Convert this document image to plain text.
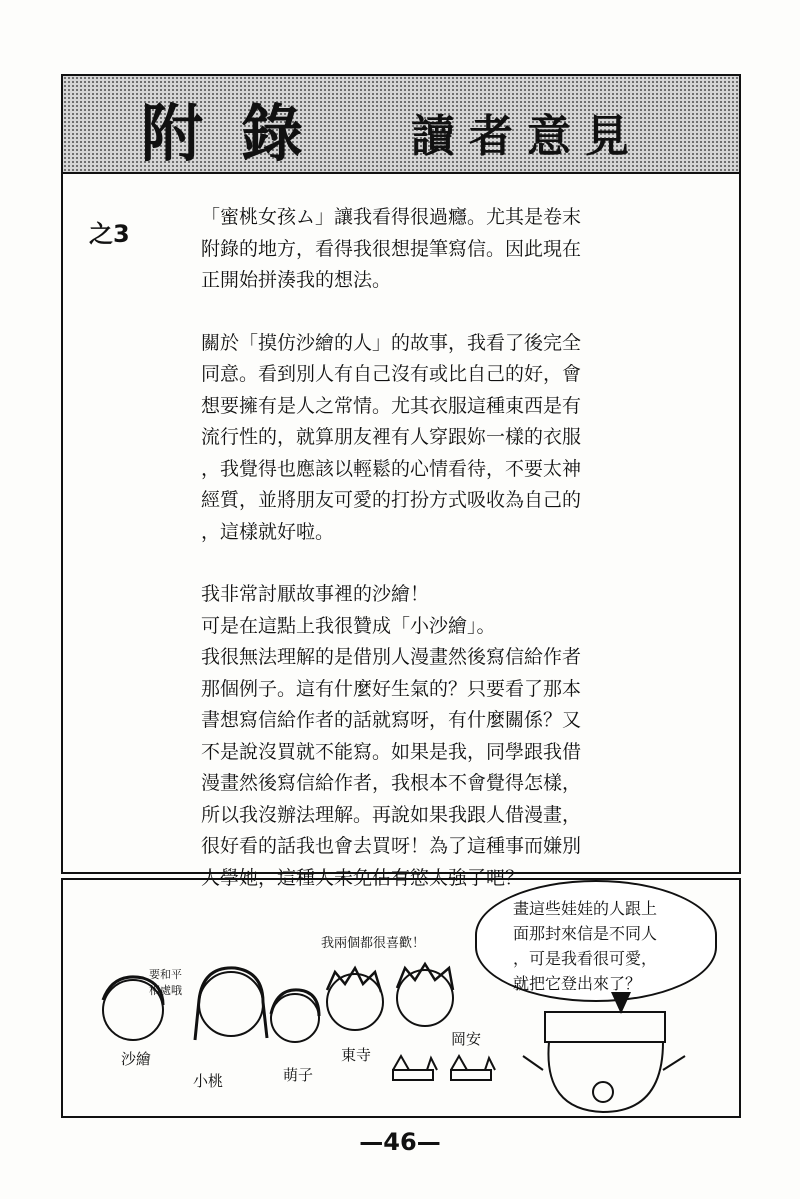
附錄 讀者意見
之3

「蜜桃女孩ム」讓我看得很過癮。尤其是卷末
附錄的地方，看得我很想提筆寫信。因此現在
正開始拼湊我的想法。

關於「摸仿沙繪的人」的故事，我看了後完全
同意。看到別人有自己沒有或比自己的好，會
想要擁有是人之常情。尤其衣服這種東西是有
流行性的，就算朋友裡有人穿跟妳一樣的衣服
，我覺得也應該以輕鬆的心情看待，不要太神
經質，並將朋友可愛的打扮方式吸收為自己的
，這樣就好啦。

我非常討厭故事裡的沙繪！
可是在這點上我很贊成「小沙繪」。
我很無法理解的是借別人漫畫然後寫信給作者
那個例子。這有什麼好生氣的？只要看了那本
書想寫信給作者的話就寫呀，有什麼關係？又
不是說沒買就不能寫。如果是我，同學跟我借
漫畫然後寫信給作者，我根本不會覺得怎樣，
所以我沒辦法理解。再說如果我跟人借漫畫，
很好看的話我也會去買呀！為了這種事而嫌別
人學她，這種人未免佔有慾太強了吧？

畫這些娃娃的人跟上
面那封來信是不同人
，可是我看很可愛，
就把它登出來了？
我兩個都很喜歡！
要和平
相處哦
沙繪
小桃	萌子
東寺
岡安
—46—
